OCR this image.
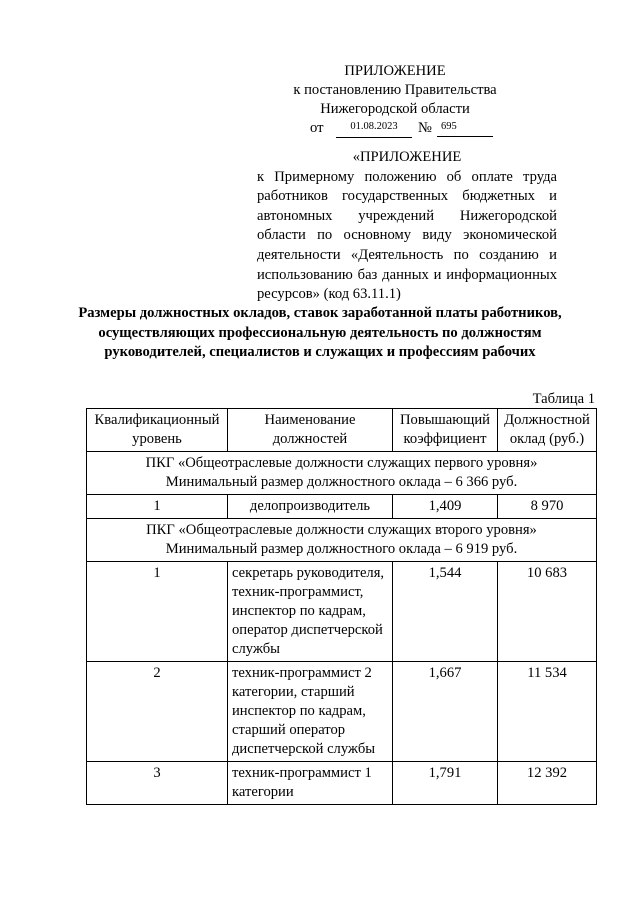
ПРИЛОЖЕНИЕ
к постановлению Правительства
Нижегородской области
от	01.08.2023	№ 695
«ПРИЛОЖЕНИЕ
к Примерному положению об оплате труда работников государственных бюджетных и автономных учреждений Нижегородской области по основному виду экономической деятельности «Деятельность по созданию и использованию баз данных и информационных ресурсов» (код 63.11.1)
Размеры должностных окладов, ставок заработанной платы работников, осуществляющих профессиональную деятельность по должностям руководителей, специалистов и служащих и профессиям рабочих
Таблица 1
Квалификационный уровень	Наименование должностей	Повышающий коэффициент	Должностной оклад (руб.)

ПКГ «Общеотраслевые должности служащих первого уровня»
Минимальный размер должностного оклада – 6 366 руб.			

1	делопроизводитель	1,409	8 970

ПКГ «Общеотраслевые должности служащих второго уровня»
Минимальный размер должностного оклада – 6 919 руб.			

1	секретарь руководителя, техник-программист, инспектор по кадрам, оператор диспетчерской службы	1,544	10 683
2	техник-программист 2 категории, старший инспектор по кадрам, старший оператор диспетчерской службы	1,667	11 534
3	техник-программист 1 категории	1,791	12 392
